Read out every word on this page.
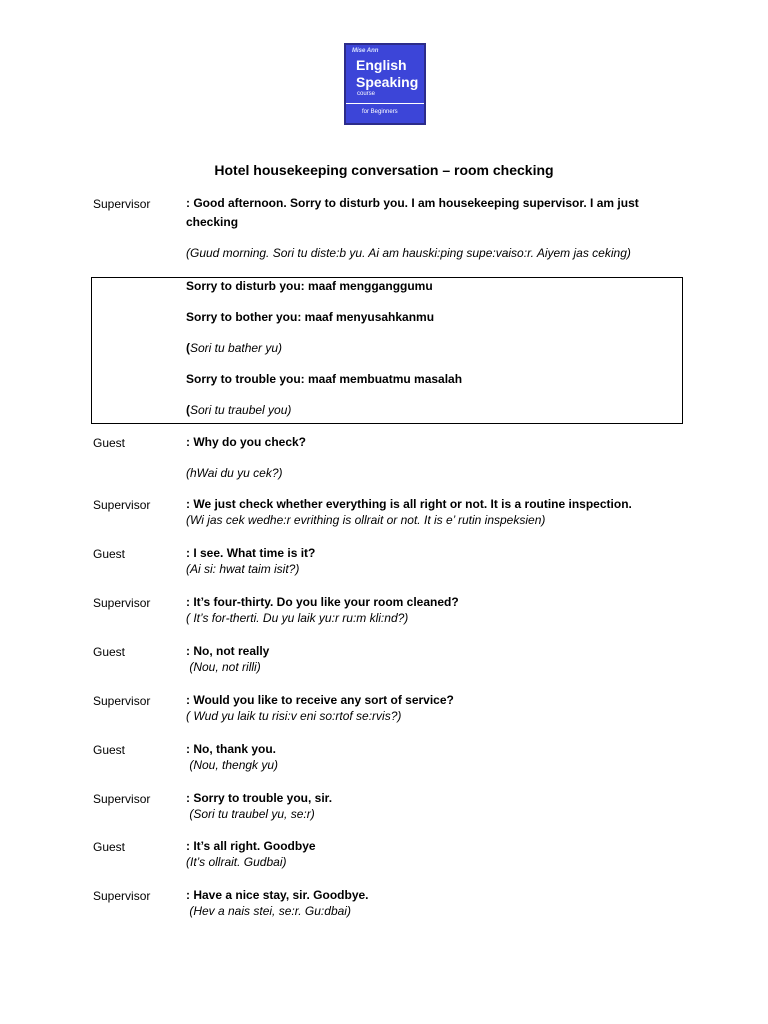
Mise Ann
English
Speaking
course
for Beginners
Hotel housekeeping conversation – room checking
Supervisor	: Good afternoon. Sorry to disturb you. I am housekeeping supervisor. I am just
checking
(Guud morning. Sori tu diste:b yu. Ai am hauski:ping supe:vaiso:r. Aiyem jas ceking)
Sorry to disturb you: maaf mengganggumu
Sorry to bother you: maaf menyusahkanmu
(Sori tu bather yu)
Sorry to trouble you: maaf membuatmu masalah
(Sori tu traubel you)
Guest	: Why do you check?
(hWai du yu cek?)
Supervisor	: We just check whether everything is all right or not. It is a routine inspection.
(Wi jas cek wedhe:r evrithing is ollrait or not. It is e’ rutin inspeksien)
Guest	: I see. What time is it?
(Ai si: hwat taim isit?)
Supervisor	: It’s four-thirty. Do you like your room cleaned?
( It’s for-therti. Du yu laik yu:r ru:m kli:nd?)
Guest	: No, not really
(Nou, not rilli)
Supervisor	: Would you like to receive any sort of service?
( Wud yu laik tu risi:v eni so:rtof se:rvis?)
Guest	: No, thank you.
(Nou, thengk yu)
Supervisor	: Sorry to trouble you, sir.
(Sori tu traubel yu, se:r)
Guest	: It’s all right. Goodbye
(It’s ollrait. Gudbai)
Supervisor	: Have a nice stay, sir. Goodbye.
(Hev a nais stei, se:r. Gu:dbai)
